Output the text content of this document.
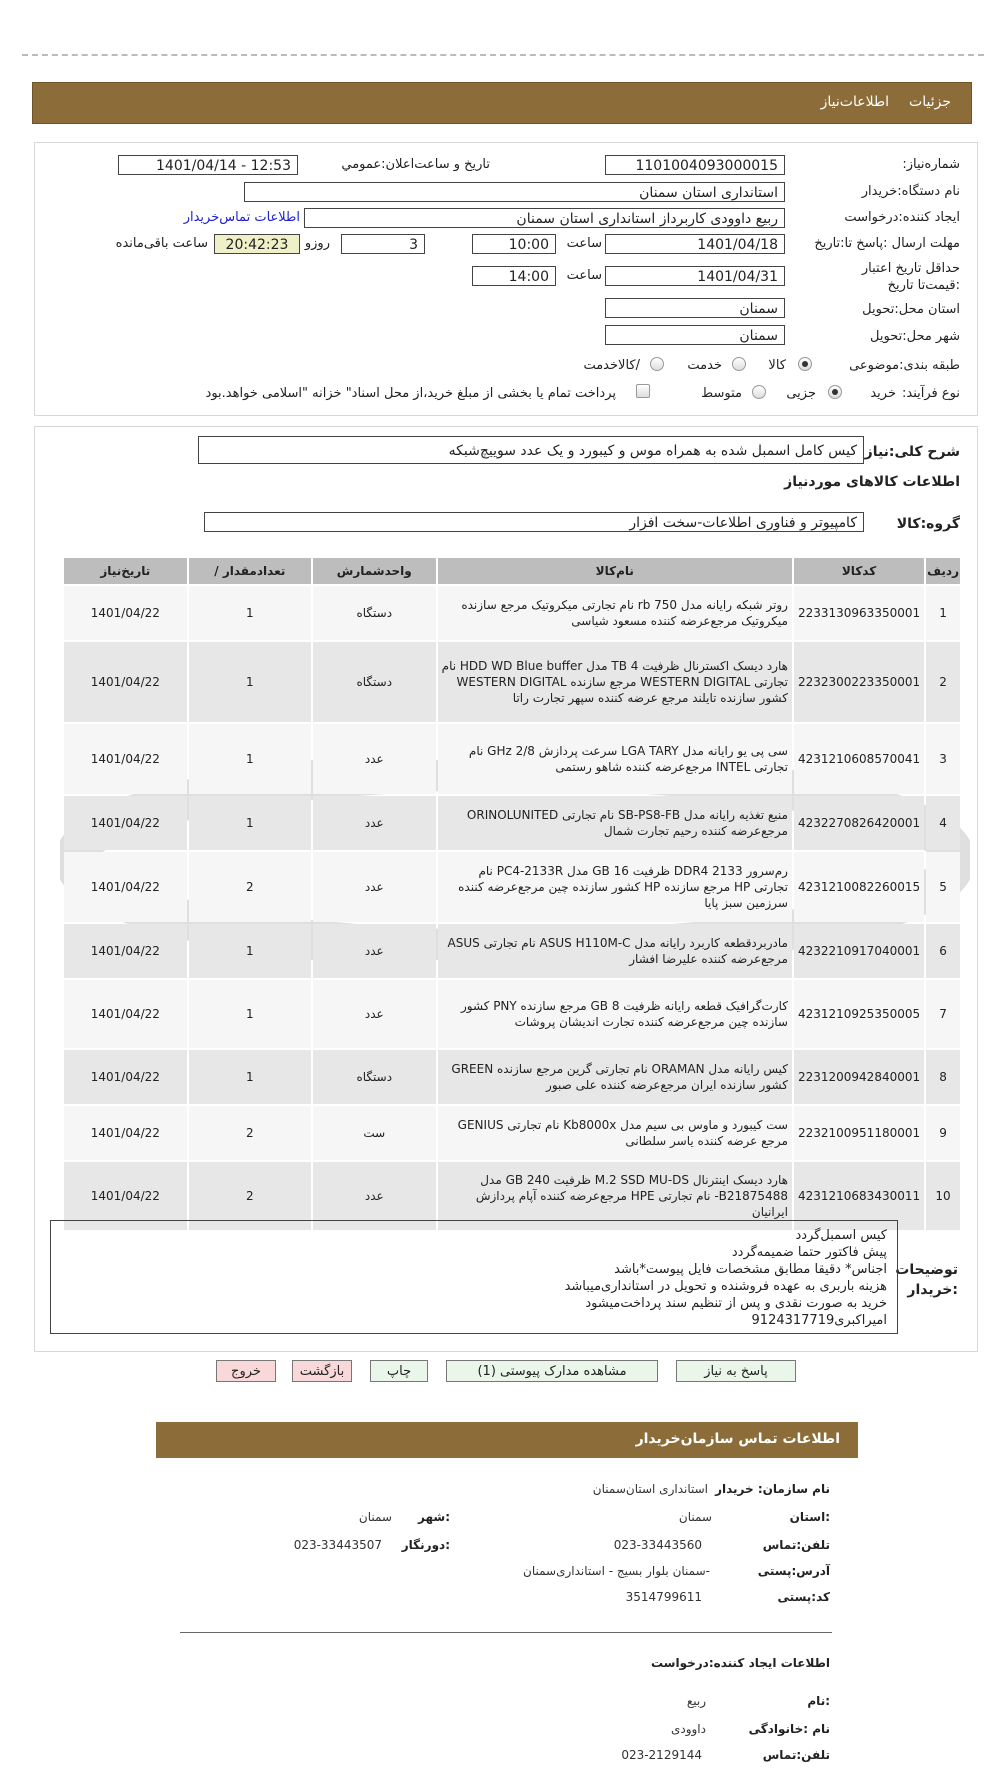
جزئیات
اطلاعات‌نیاز
شماره‌نیاز:
1101004093000015
تاریخ و ساعت‌اعلان‌:عمومي
1401/04/14 - 12:53
نام دستگاه‌:خریدار
استانداری استان سمنان
ایجاد کننده‌:درخواست
ربیع داوودی کاربرداز استانداری استان سمنان
اطلاعات تماس‌خریدار
مهلت ارسال :پاسخ تا:تاریخ
1401/04/18
ساعت
10:00
3
روزو
20:42:23
ساعت باقی‌مانده
حداقل تاریخ اعتبار :قیمت‌تا تاریخ
1401/04/31
ساعت
14:00
استان محل‌:تحویل
سمنان
شهر محل‌:تحویل
سمنان
طبقه بندی‌:موضوعی
کالا
خدمت
/کالاخدمت
نوع فرآیند:
خرید
جزیی
متوسط
پرداخت تمام یا بخشی از مبلغ خرید،از محل اسناد" خزانه "اسلامی خواهد.بود
شرح کلی‌:نیاز
کیس کامل اسمبل شده به همراه موس و کیبورد و یک عدد سوییچ‌شبکه
اطلاعات کالاهای مورد‌نیاز
گروه‌:کالا
کامپیوتر و فناوری اطلاعات-سخت افزار
ردیف	کدکالا	نام‌کالا	واحدشمارش	تعدادمقدار /	تاریخ‌نیاز
1	2233130963350001	روتر شبکه رایانه مدل rb 750 نام تجارتی میکروتیک مرجع سازنده میکروتیک مرجع‌عرضه کننده مسعود شیاسی	دستگاه	1	1401/04/22
2	2232300223350001	هارد دیسک اکسترنال ظرفیت 4 TB مدل HDD WD Blue buffer نام تجارتی WESTERN DIGITAL مرجع سازنده WESTERN DIGITAL کشور سازنده تایلند مرجع عرضه کننده سپهر تجارت راتا	دستگاه	1	1401/04/22
3	4231210608570041	سی پی یو رایانه مدل LGA TARY سرعت پردازش 2/8 GHz نام تجارتی INTEL مرجع‌عرضه کننده شاهو رستمی	عدد	1	1401/04/22
4	4232270826420001	منبع تغذیه رایانه مدل SB-PS8-FB نام تجارتی ORINOLUNITED مرجع‌عرضه کننده رحیم تجارت شمال	عدد	1	1401/04/22
5	4231210082260015	رم‌سرور DDR4 2133 ظرفیت 16 GB مدل PC4-2133R نام تجارتی HP مرجع سازنده HP کشور سازنده چین مرجع‌عرضه کننده سرزمین سبز پایا	عدد	2	1401/04/22
6	4232210917040001	مادربردقطعه کاربرد رایانه مدل ASUS H110M-C نام تجارتی ASUS مرجع‌عرضه کننده علیرضا افشار	عدد	1	1401/04/22
7	4231210925350005	کارت‌گرافیک قطعه رایانه ظرفیت 8 GB مرجع سازنده PNY کشور سازنده چین مرجع‌عرضه کننده تجارت اندیشان پروشات	عدد	1	1401/04/22
8	2231200942840001	کیس رایانه مدل ORAMAN نام تجارتی گرین مرجع سازنده GREEN کشور سازنده ایران مرجع‌عرضه کننده علی صبور	دستگاه	1	1401/04/22
9	2232100951180001	ست کیبورد و ماوس بی سیم مدل Kb8000x نام تجارتی GENIUS مرجع عرضه کننده یاسر سلطانی	ست	2	1401/04/22
10	4231210683430011	هارد دیسک اینترنال M.2 SSD MU-DS ظرفیت 240 GB مدل B21875488- نام تجارتی HPE مرجع‌عرضه کننده آپام پردازش ایرانیان	عدد	2	1401/04/22
توضیحات
:خریدار
کیس اسمبل‌گردد
پیش فاکتور حتما ضمیمه‌گردد
اجناس* دقیقا مطابق مشخصات فایل پیوست*باشد
هزینه باربری به عهده فروشنده و تحویل در استانداری‌میباشد
خرید به صورت نقدی و پس از تنظیم سند پرداخت‌میشود
امیراکبری9124317719
پاسخ به نیاز
مشاهده مدارک پیوستی (1)
چاپ
بازگشت
خروج
اطلاعات تماس سازمان‌خریدار
نام سازمان‌: خریدار
استانداری استان‌سمنان
:استان
سمنان
:شهر
سمنان
تلفن‌:تماس
023-33443560
:دورنگار
023-33443507
آدرس‌:پستی
-سمنان بلوار بسیج - استانداری‌سمنان
کد‌:پستی
3514799611
اطلاعات ایجاد کننده‌:درخواست
:نام
ربیع
نام :خانوادگی
داوودی
تلفن‌:تماس
023-2129144
